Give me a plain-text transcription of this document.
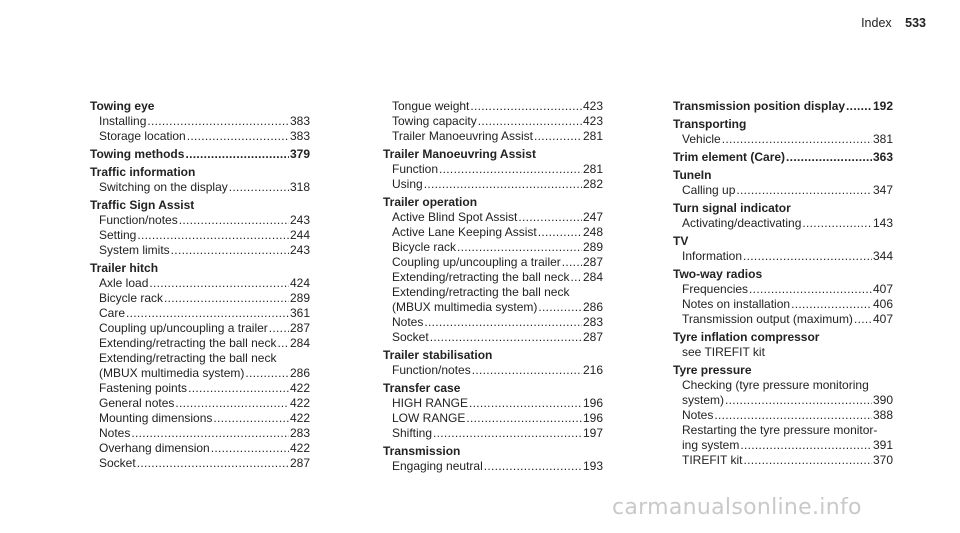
Index 533
Towing eye
Installing .....	383
Storage location .....	383
Towing methods .....	379
Traffic information
Switching on the display .....	318
Traffic Sign Assist
Function/notes .....	243
Setting .....	244
System limits .....	243
Trailer hitch
Axle load .....	424
Bicycle rack .....	289
Care .....	361
Coupling up/uncoupling a trailer ..... 287
Extending/retracting the ball neck ..... 284
Extending/retracting the ball neck
(MBUX multimedia system) .....	286
Fastening points .....	422
General notes .....	422
Mounting dimensions .....	422
Notes .....	283
Overhang dimension .....	422
Socket .....	287
Tongue weight .....	423
Towing capacity .....	423
Trailer Manoeuvring Assist .....	281
Trailer Manoeuvring Assist
Function .....	281
Using .....	282
Trailer operation
Active Blind Spot Assist .....	247
Active Lane Keeping Assist .....	248
Bicycle rack .....	289
Coupling up/uncoupling a trailer ..... 287
Extending/retracting the ball neck ..... 284
Extending/retracting the ball neck
(MBUX multimedia system) .....	286
Notes .....	283
Socket .....	287
Trailer stabilisation
Function/notes .....	216
Transfer case
HIGH RANGE .....	196
LOW RANGE .....	196
Shifting .....	197
Transmission
Engaging neutral .....	193
Transmission position display ..... 192
Transporting
Vehicle .....	381
Trim element (Care) .....	363
TuneIn
Calling up .....	347
Turn signal indicator
Activating/deactivating .....	143
TV
Information .....	344
Two-way radios
Frequencies .....	407
Notes on installation .....	406
Transmission output (maximum) ..... 407
Tyre inflation compressor
see TIREFIT kit
Tyre pressure
Checking (tyre pressure monitoring
system) .....	390
Notes .....	388
Restarting the tyre pressure monitor-
ing system .....	391
TIREFIT kit .....	370
carmanualsonline.info
